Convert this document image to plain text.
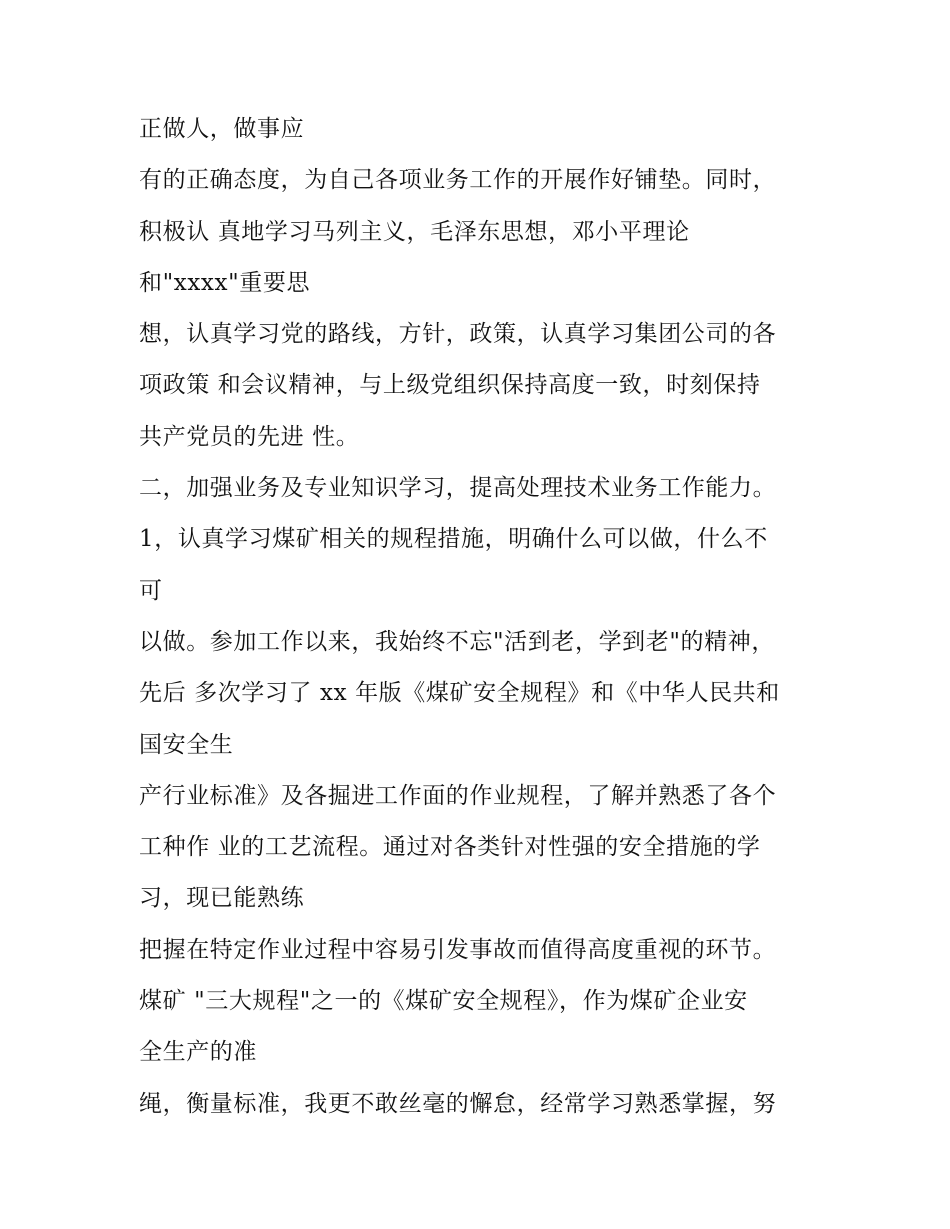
正做人，做事应
有的正确态度，为自己各项业务工作的开展作好铺垫。同时，
积极认 真地学习马列主义，毛泽东思想，邓小平理论
和"xxxx"重要思
想，认真学习党的路线，方针，政策，认真学习集团公司的各
项政策 和会议精神，与上级党组织保持高度一致，时刻保持
共产党员的先进 性。
二，加强业务及专业知识学习，提高处理技术业务工作能力。
1，认真学习煤矿相关的规程措施，明确什么可以做，什么不
可
以做。参加工作以来，我始终不忘"活到老，学到老"的精神，
先后 多次学习了 xx 年版《煤矿安全规程》和《中华人民共和
国安全生
产行业标准》及各掘进工作面的作业规程，了解并熟悉了各个
工种作 业的工艺流程。通过对各类针对性强的安全措施的学
习，现已能熟练
把握在特定作业过程中容易引发事故而值得高度重视的环节。
煤矿 "三大规程"之一的《煤矿安全规程》，作为煤矿企业安
全生产的准
绳，衡量标准，我更不敢丝毫的懈怠，经常学习熟悉掌握，努
